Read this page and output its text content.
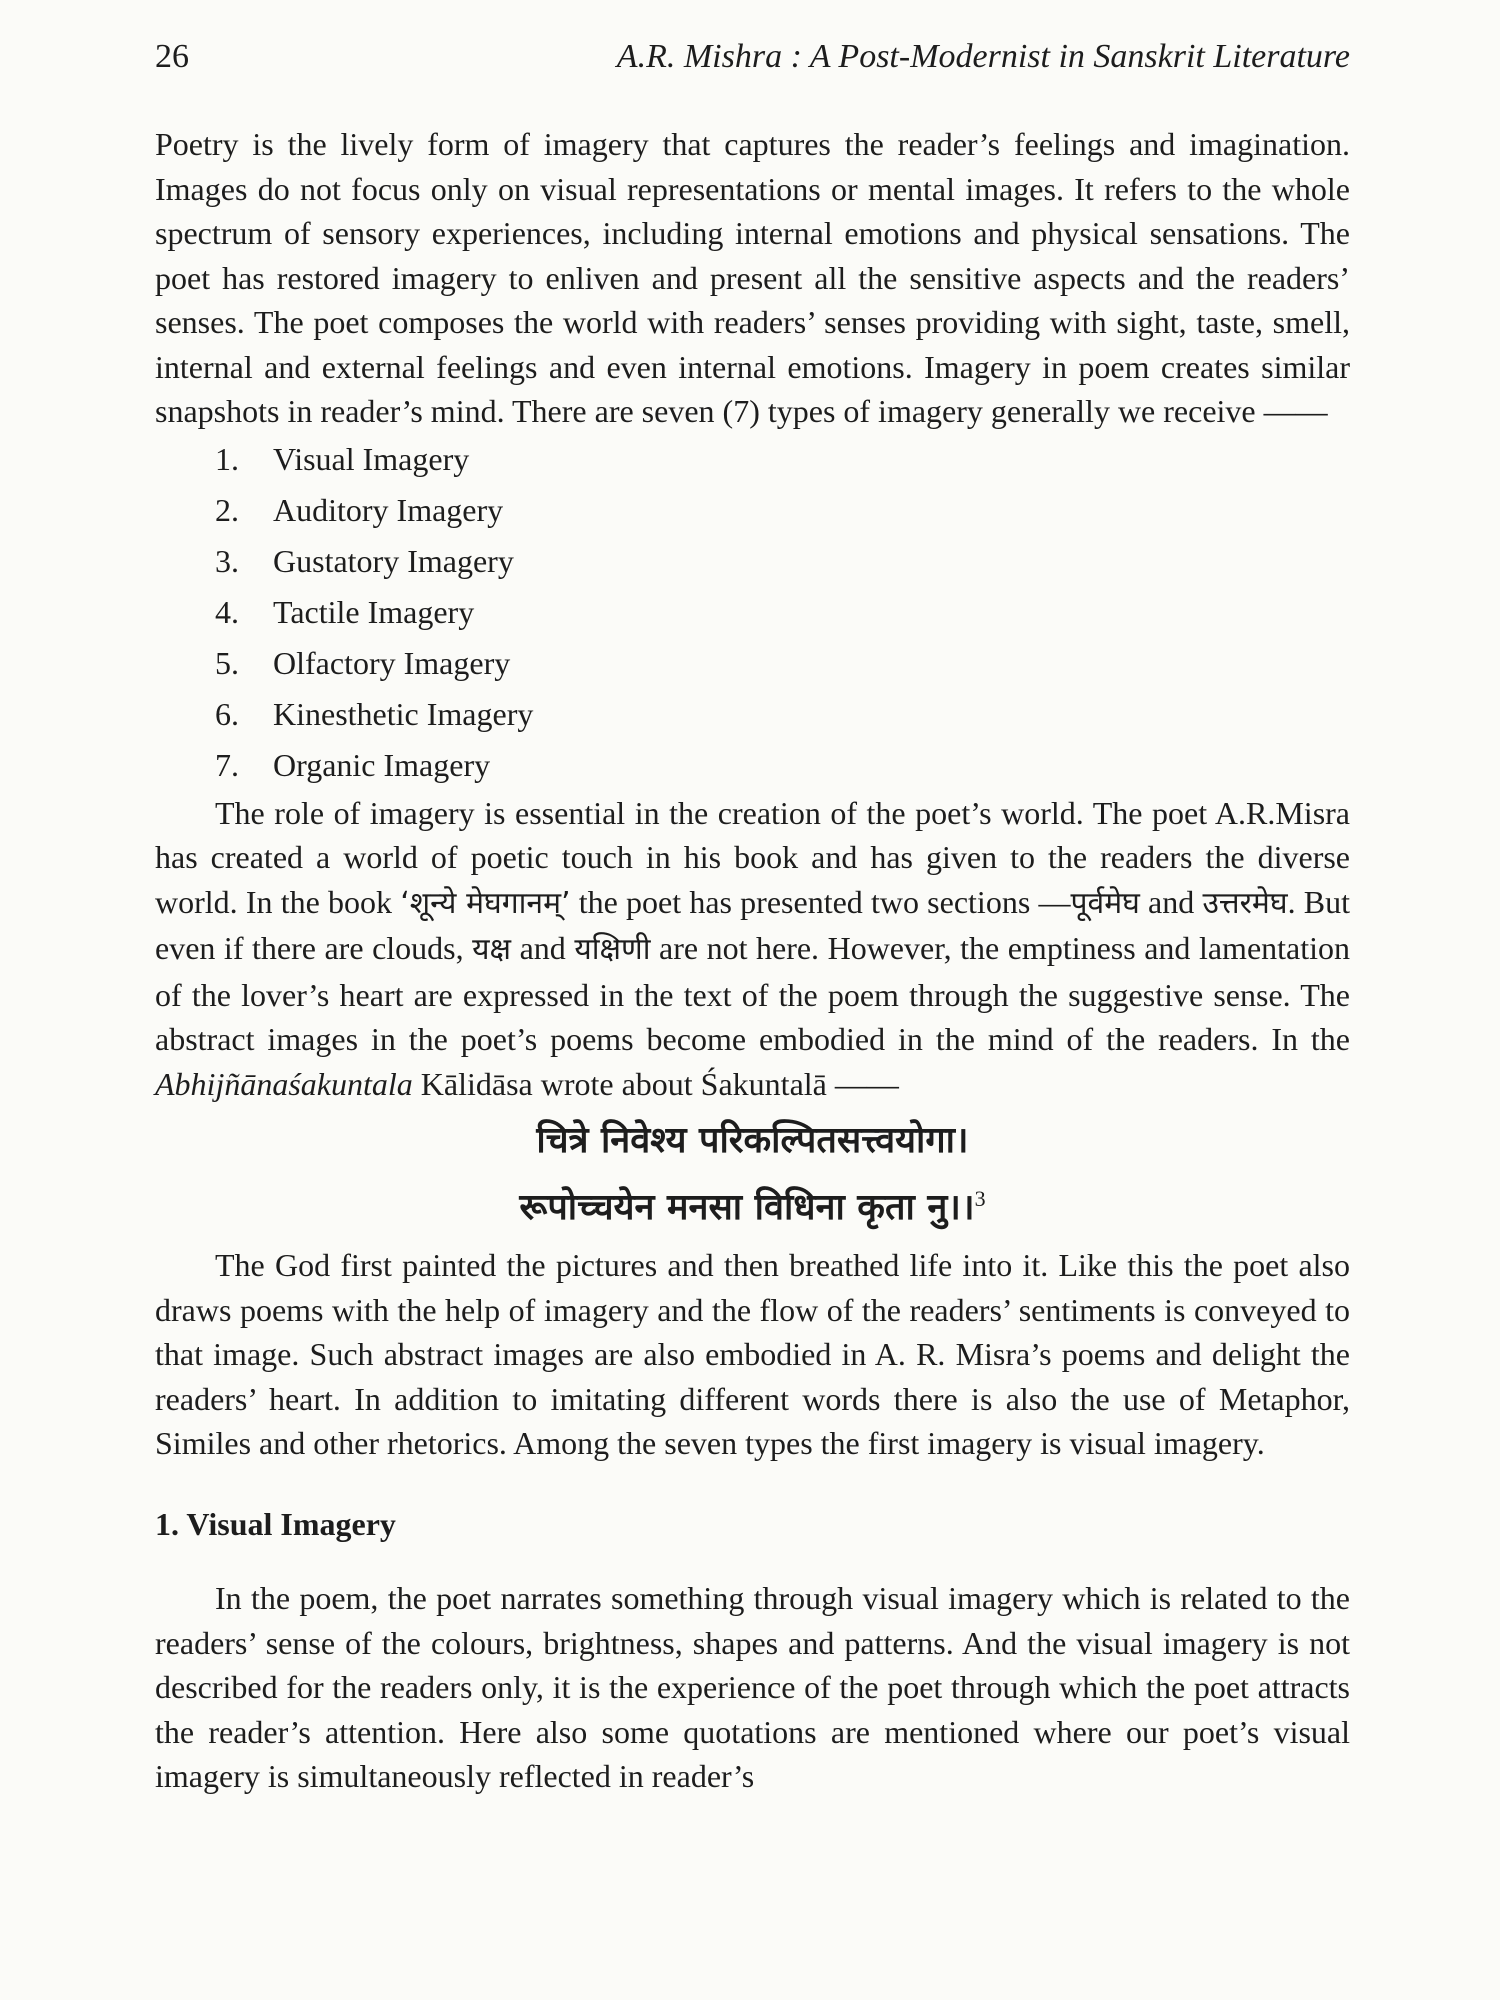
26	A.R. Mishra : A Post-Modernist in Sanskrit Literature

Poetry is the lively form of imagery that captures the reader’s feelings and imagination. Images do not focus only on visual representations or mental images. It refers to the whole spectrum of sensory experiences, including internal emotions and physical sensations. The poet has restored imagery to enliven and present all the sensitive aspects and the readers’ senses. The poet composes the world with readers’ senses providing with sight, taste, smell, internal and external feelings and even internal emotions. Imagery in poem creates similar snapshots in reader’s mind. There are seven (7) types of imagery generally we receive ——

1.	Visual Imagery
2.	Auditory Imagery
3.	Gustatory Imagery
4.	Tactile Imagery
5.	Olfactory Imagery
6.	Kinesthetic Imagery
7.	Organic Imagery

The role of imagery is essential in the creation of the poet’s world. The poet A.R.Misra has created a world of poetic touch in his book and has given to the readers the diverse world. In the book ‘शून्ये मेघगानम्’ the poet has presented two sections —पूर्वमेघ and उत्तरमेघ. But even if there are clouds, यक्ष and यक्षिणी are not here. However, the emptiness and lamentation of the lover’s heart are expressed in the text of the poem through the suggestive sense. The abstract images in the poet’s poems become embodied in the mind of the readers. In the Abhijñānaśakuntala Kālidāsa wrote about Śakuntalā ——

चित्रे निवेश्य परिकल्पितसत्त्वयोगा।
रूपोच्चयेन मनसा विधिना कृता नु।।$^3$

The God first painted the pictures and then breathed life into it. Like this the poet also draws poems with the help of imagery and the flow of the readers’ sentiments is conveyed to that image. Such abstract images are also embodied in A. R. Misra’s poems and delight the readers’ heart. In addition to imitating different words there is also the use of Metaphor, Similes and other rhetorics. Among the seven types the first imagery is visual imagery.

1. Visual Imagery

In the poem, the poet narrates something through visual imagery which is related to the readers’ sense of the colours, brightness, shapes and patterns. And the visual imagery is not described for the readers only, it is the experience of the poet through which the poet attracts the reader’s attention. Here also some quotations are mentioned where our poet’s visual imagery is simultaneously reflected in reader’s
